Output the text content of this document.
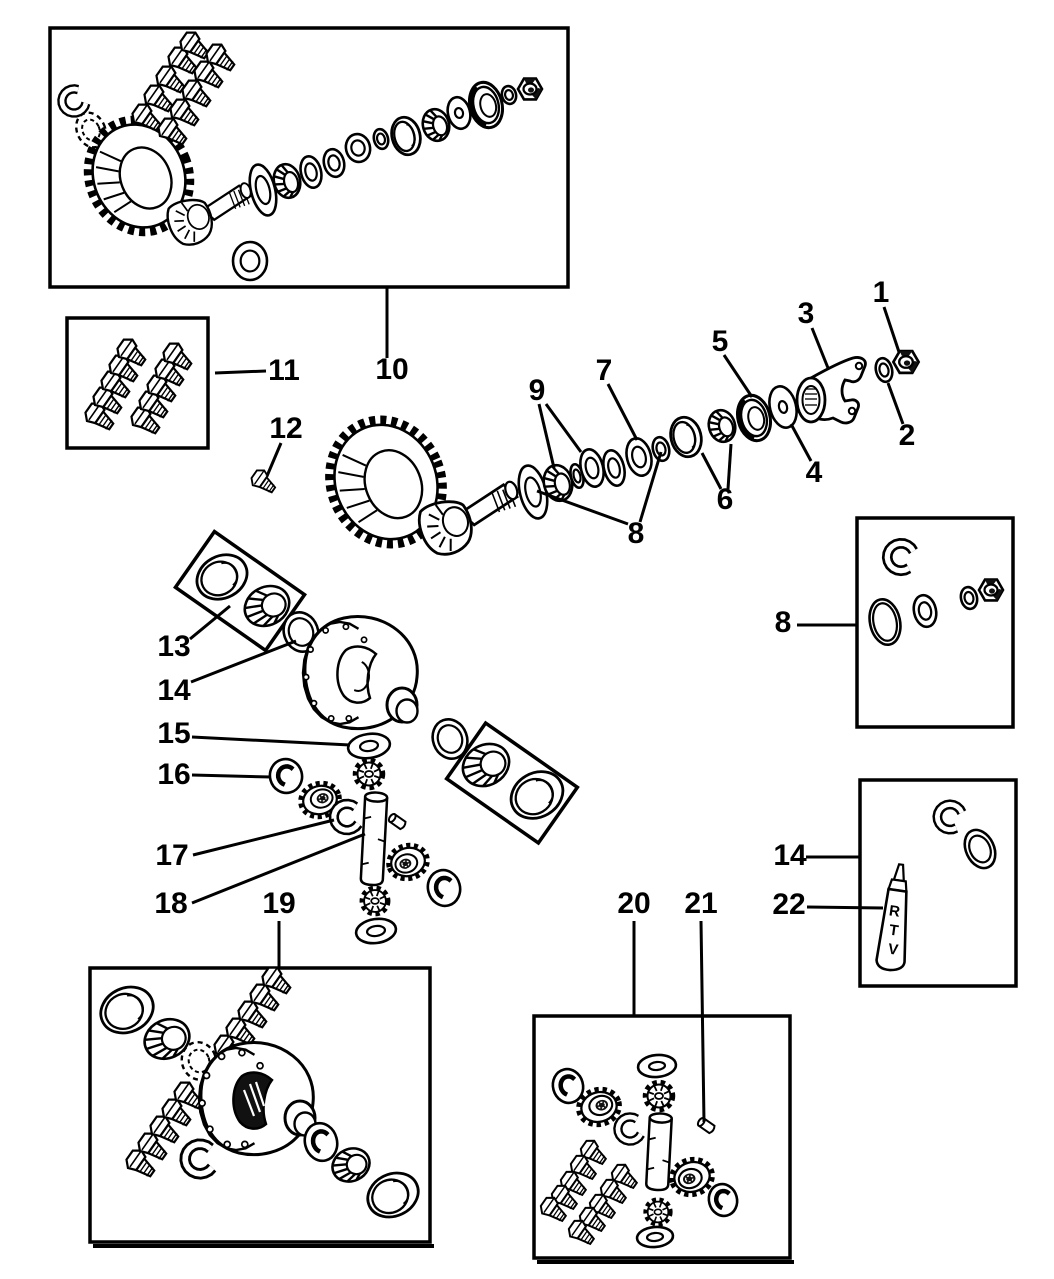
RTV
1
2
3
4
5
6
7
8
9
10
11
12
13
14
15
16
17
18 19	20 21 22
8
14
